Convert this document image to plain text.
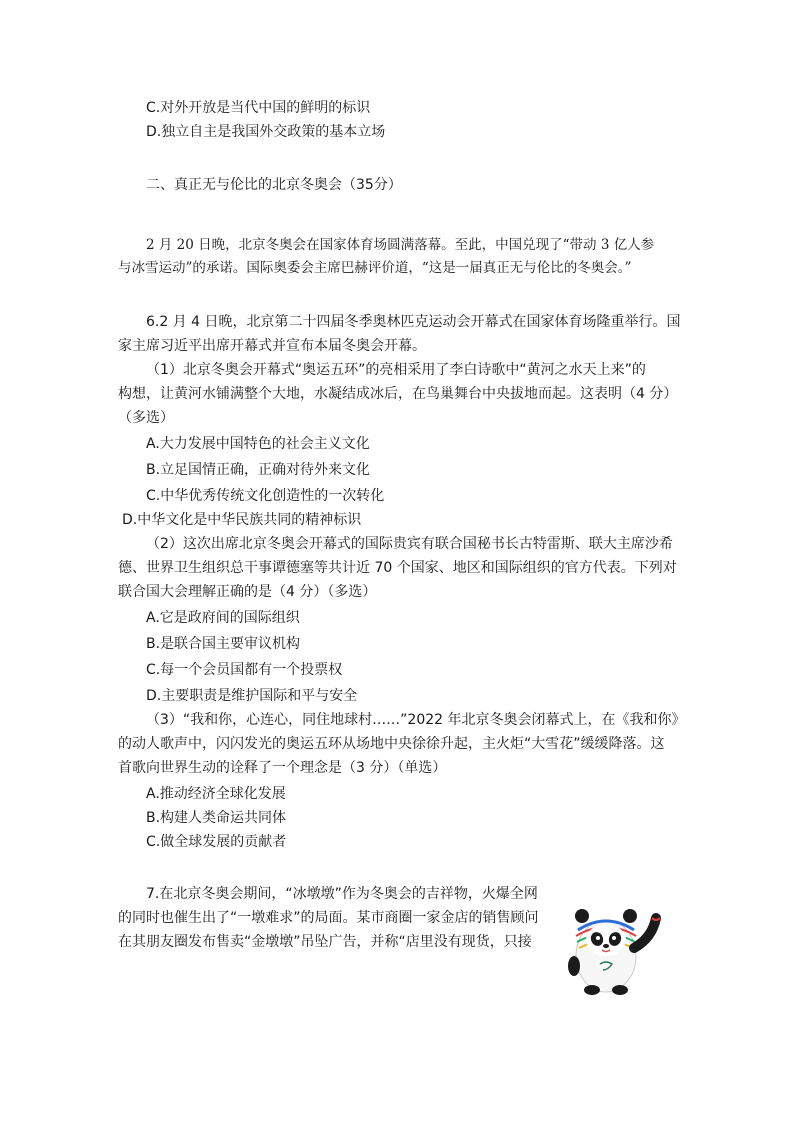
C.对外开放是当代中国的鲜明的标识
D.独立自主是我国外交政策的基本立场
二、真正无与伦比的北京冬奥会（35分）
2 月 20 日晚，北京冬奥会在国家体育场圆满落幕。至此，中国兑现了“带动 3 亿人参
与冰雪运动”的承诺。国际奥委会主席巴赫评价道，“这是一届真正无与伦比的冬奥会。”
6.2 月 4 日晚，北京第二十四届冬季奥林匹克运动会开幕式在国家体育场隆重举行。国
家主席习近平出席开幕式并宣布本届冬奥会开幕。
（1）北京冬奥会开幕式“奥运五环”的亮相采用了李白诗歌中“黄河之水天上来”的
构想，让黄河水铺满整个大地，水凝结成冰后，在鸟巢舞台中央拔地而起。这表明（4 分）
（多选）
A.大力发展中国特色的社会主义文化
B.立足国情正确，正确对待外来文化
C.中华优秀传统文化创造性的一次转化
D.中华文化是中华民族共同的精神标识
（2）这次出席北京冬奥会开幕式的国际贵宾有联合国秘书长古特雷斯、联大主席沙希
德、世界卫生组织总干事谭德塞等共计近 70 个国家、地区和国际组织的官方代表。下列对
联合国大会理解正确的是（4 分）（多选）
A.它是政府间的国际组织
B.是联合国主要审议机构
C.每一个会员国都有一个投票权
D.主要职责是维护国际和平与安全
（3）“我和你，心连心，同住地球村……”2022 年北京冬奥会闭幕式上，在《我和你》
的动人歌声中，闪闪发光的奥运五环从场地中央徐徐升起，主火炬“大雪花”缓缓降落。这
首歌向世界生动的诠释了一个理念是（3 分）（单选）
A.推动经济全球化发展
B.构建人类命运共同体
C.做全球发展的贡献者
7.在北京冬奥会期间，“冰墩墩”作为冬奥会的吉祥物，火爆全网
的同时也催生出了“一墩难求”的局面。某市商圈一家金店的销售顾问
在其朋友圈发布售卖“金墩墩”吊坠广告，并称“店里没有现货，只接
